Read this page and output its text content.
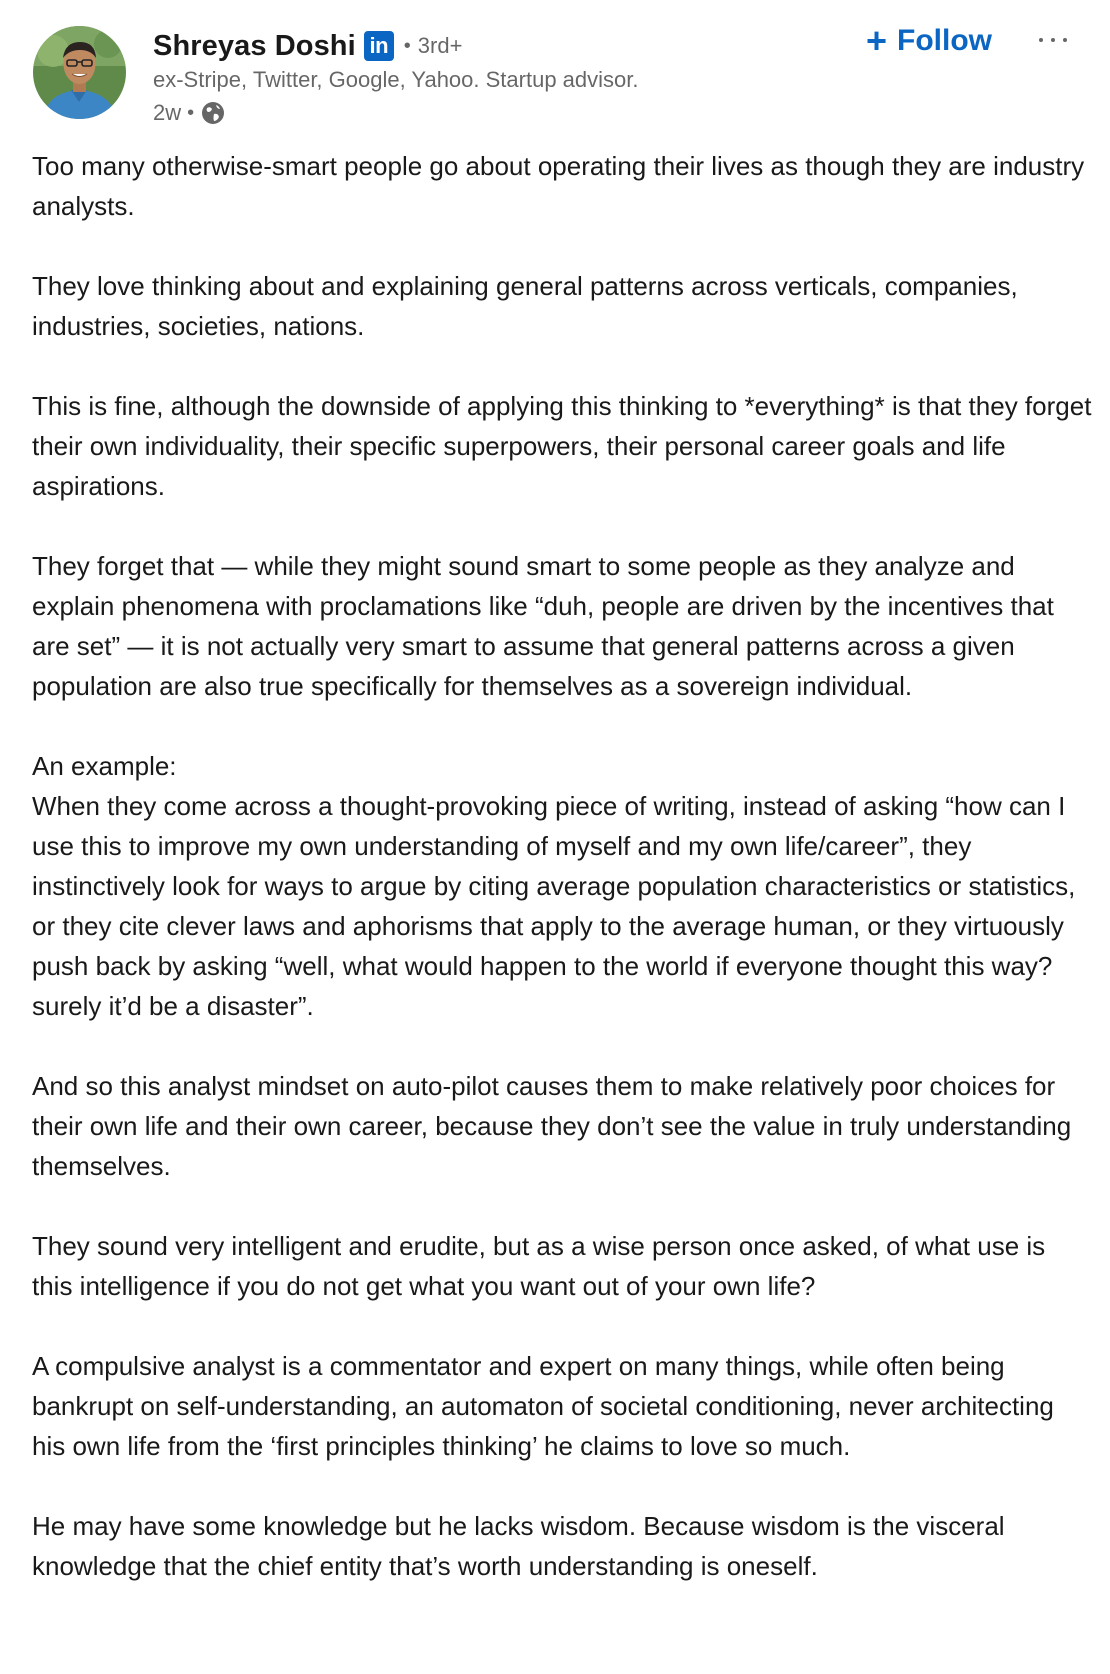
Shreyas Doshi in • 3rd+
ex-Stripe, Twitter, Google, Yahoo. Startup advisor.
2w •
+ Follow

Too many otherwise-smart people go about operating their lives as though they are industry analysts.

They love thinking about and explaining general patterns across verticals, companies, industries, societies, nations.

This is fine, although the downside of applying this thinking to *everything* is that they forget their own individuality, their specific superpowers, their personal career goals and life aspirations.

They forget that — while they might sound smart to some people as they analyze and explain phenomena with proclamations like “duh, people are driven by the incentives that are set” — it is not actually very smart to assume that general patterns across a given population are also true specifically for themselves as a sovereign individual.

An example:
When they come across a thought-provoking piece of writing, instead of asking “how can I use this to improve my own understanding of myself and my own life/career”, they instinctively look for ways to argue by citing average population characteristics or statistics, or they cite clever laws and aphorisms that apply to the average human, or they virtuously push back by asking “well, what would happen to the world if everyone thought this way? surely it’d be a disaster”.

And so this analyst mindset on auto-pilot causes them to make relatively poor choices for their own life and their own career, because they don’t see the value in truly understanding themselves.

They sound very intelligent and erudite, but as a wise person once asked, of what use is this intelligence if you do not get what you want out of your own life?

A compulsive analyst is a commentator and expert on many things, while often being bankrupt on self-understanding, an automaton of societal conditioning, never architecting his own life from the ‘first principles thinking’ he claims to love so much.

He may have some knowledge but he lacks wisdom. Because wisdom is the visceral knowledge that the chief entity that’s worth understanding is oneself.
